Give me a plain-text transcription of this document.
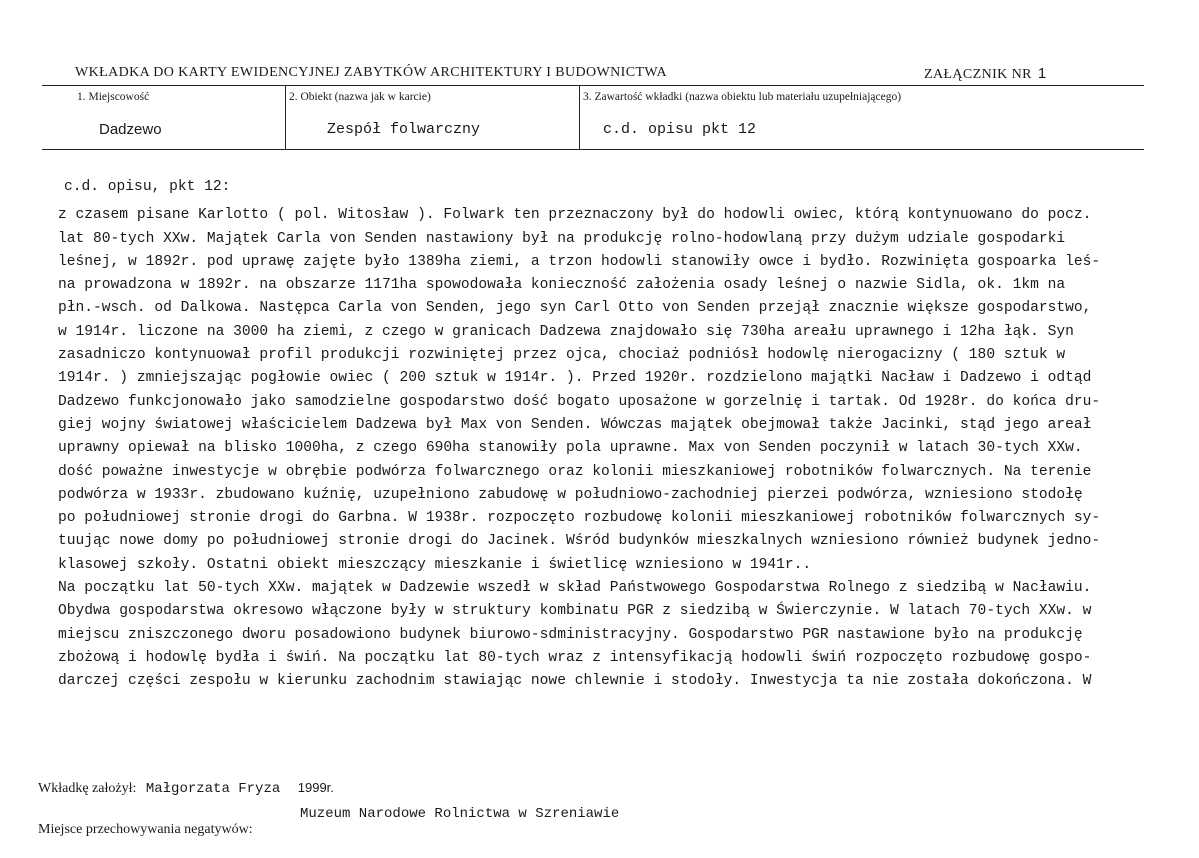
WKŁADKA DO KARTY EWIDENCYJNEJ ZABYTKÓW ARCHITEKTURY I BUDOWNICTWA	ZAŁĄCZNIK NR 1
1. Miejscowość	2. Obiekt (nazwa jak w karcie)	3. Zawartość wkładki (nazwa obiektu lub materiału uzupełniającego)
Dadzewo	Zespół folwarczny	c.d. opisu pkt 12
c.d. opisu, pkt 12:
z czasem pisane Karlotto ( pol. Witosław ). Folwark ten przeznaczony był do hodowli owiec, którą kontynuowano do pocz.
lat 80-tych XXw. Majątek Carla von Senden nastawiony był na produkcję rolno-hodowlaną przy dużym udziale gospodarki
leśnej, w 1892r. pod uprawę zajęte było 1389ha ziemi, a trzon hodowli stanowiły owce i bydło. Rozwinięta gospoarka leś-
na prowadzona w 1892r. na obszarze 1171ha spowodowała konieczność założenia osady leśnej o nazwie Sidla, ok. 1km na
płn.-wsch. od Dalkowa. Następca Carla von Senden, jego syn Carl Otto von Senden przejął znacznie większe gospodarstwo,
w 1914r. liczone na 3000 ha ziemi, z czego w granicach Dadzewa znajdowało się 730ha areału uprawnego i 12ha łąk. Syn
zasadniczo kontynuował profil produkcji rozwiniętej przez ojca, chociaż podniósł hodowlę nierogacizny ( 180 sztuk w
1914r. ) zmniejszając pogłowie owiec ( 200 sztuk w 1914r. ). Przed 1920r. rozdzielono majątki Nacław i Dadzewo i odtąd
Dadzewo funkcjonowało jako samodzielne gospodarstwo dość bogato uposażone w gorzelnię i tartak. Od 1928r. do końca dru-
giej wojny światowej właścicielem Dadzewa był Max von Senden. Wówczas majątek obejmował także Jacinki, stąd jego areał
uprawny opiewał na blisko 1000ha, z czego 690ha stanowiły pola uprawne. Max von Senden poczynił w latach 30-tych XXw.
dość poważne inwestycje w obrębie podwórza folwarcznego oraz kolonii mieszkaniowej robotników folwarcznych. Na terenie
podwórza w 1933r. zbudowano kuźnię, uzupełniono zabudowę w południowo-zachodniej pierzei podwórza, wzniesiono stodołę
po południowej stronie drogi do Garbna. W 1938r. rozpoczęto rozbudowę kolonii mieszkaniowej robotników folwarcznych sy-
tuując nowe domy po południowej stronie drogi do Jacinek. Wśród budynków mieszkalnych wzniesiono również budynek jedno-
klasowej szkoły. Ostatni obiekt mieszczący mieszkanie i świetlicę wzniesiono w 1941r..
Na początku lat 50-tych XXw. majątek w Dadzewie wszedł w skład Państwowego Gospodarstwa Rolnego z siedzibą w Nacławiu.
Obydwa gospodarstwa okresowo włączone były w struktury kombinatu PGR z siedzibą w Świerczynie. W latach 70-tych XXw. w
miejscu zniszczonego dworu posadowiono budynek biurowo-sdministracyjny. Gospodarstwo PGR nastawione było na produkcję
zbożową i hodowlę bydła i świń. Na początku lat 80-tych wraz z intensyfikacją hodowli świń rozpoczęto rozbudowę gospo-
darczej części zespołu w kierunku zachodnim stawiając nowe chlewnie i stodoły. Inwestycja ta nie została dokończona. W
Wkładkę założył: Małgorzata Fryza 1999r.
Muzeum Narodowe Rolnictwa w Szreniawie
Miejsce przechowywania negatywów:
